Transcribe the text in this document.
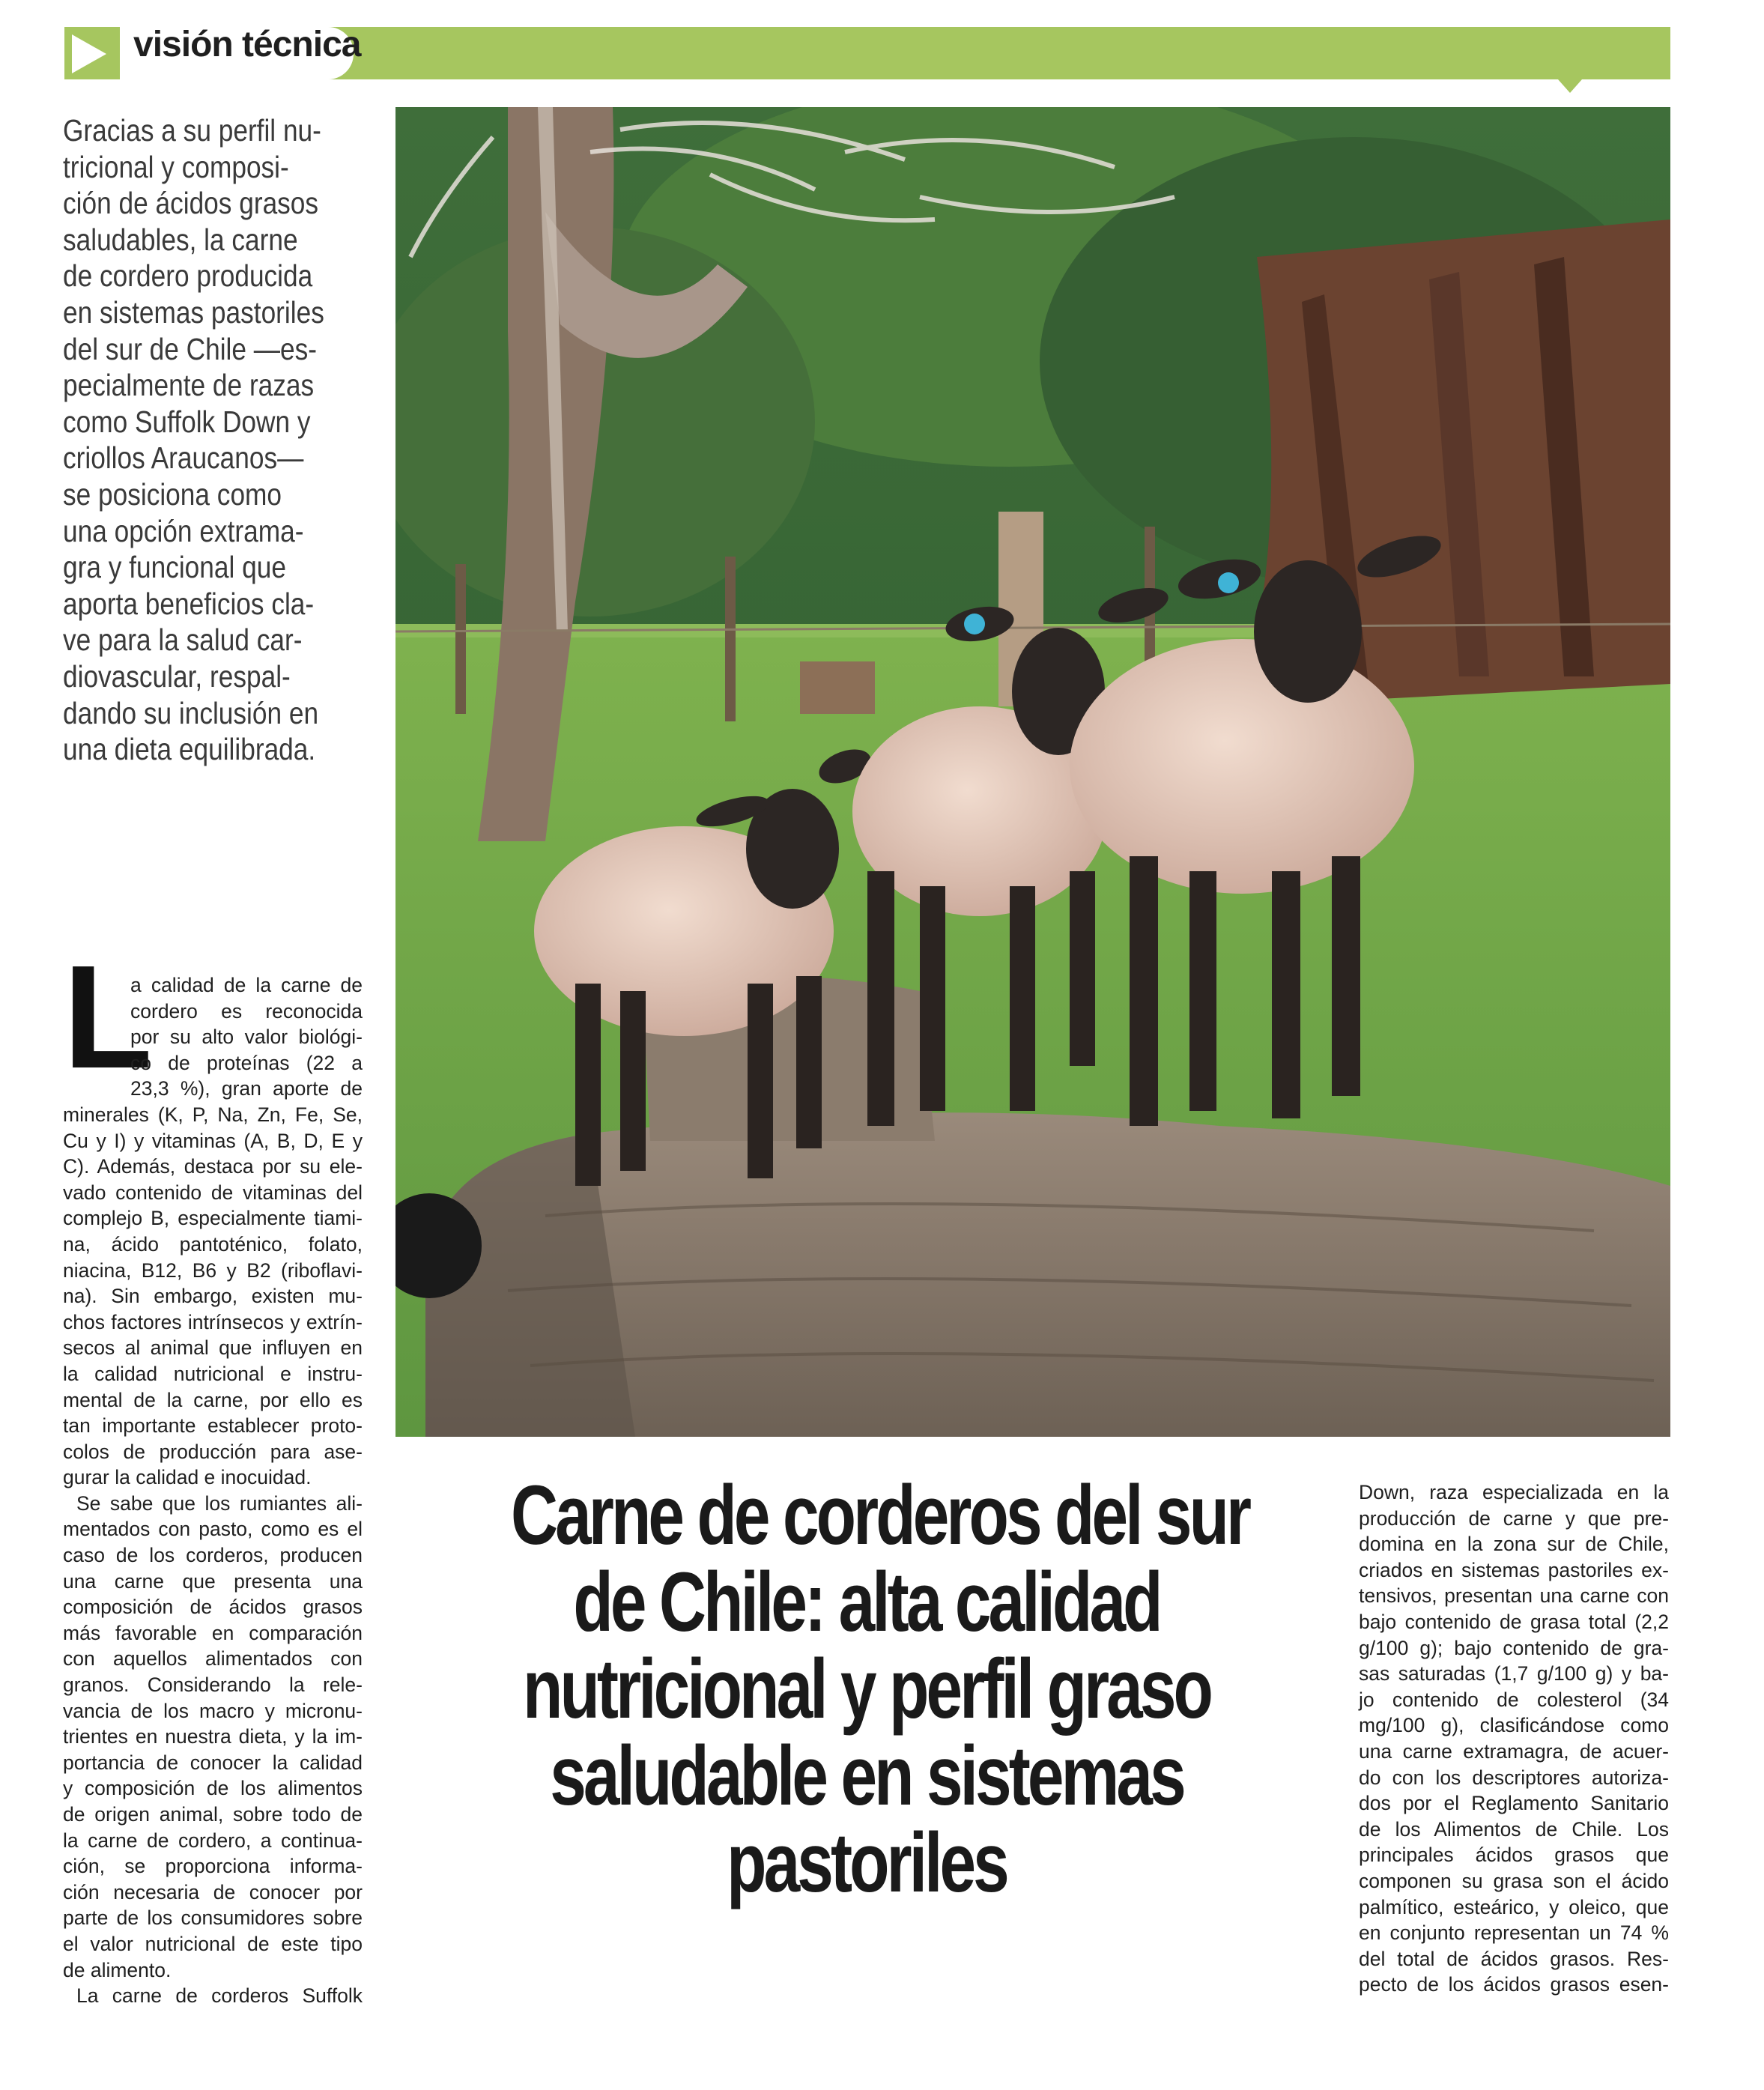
visión técnica

Gracias a su perfil nu-
tricional y composi-
ción de ácidos grasos
saludables, la carne
de cordero producida
en sistemas pastoriles
del sur de Chile —es-
pecialmente de razas
como Suffolk Down y
criollos Araucanos—
se posiciona como
una opción extrama-
gra y funcional que
aporta beneficios cla-
ve para la salud car-
diovascular, respal-
dando su inclusión en
una dieta equilibrada.

L
a calidad de la carne de
cordero es reconocida
por su alto valor biológi-
co de proteínas (22 a
23,3 %), gran aporte de
minerales (K, P, Na, Zn, Fe, Se,
Cu y I) y vitaminas (A, B, D, E y
C). Además, destaca por su ele-
vado contenido de vitaminas del
complejo B, especialmente tiami-
na, ácido pantoténico, folato,
niacina, B12, B6 y B2 (riboflavi-
na). Sin embargo, existen mu-
chos factores intrínsecos y extrín-
secos al animal que influyen en
la calidad nutricional e instru-
mental de la carne, por ello es
tan importante establecer proto-
colos de producción para ase-
gurar la calidad e inocuidad.
Se sabe que los rumiantes ali-
mentados con pasto, como es el
caso de los corderos, producen
una carne que presenta una
composición de ácidos grasos
más favorable en comparación
con aquellos alimentados con
granos. Considerando la rele-
vancia de los macro y micronu-
trientes en nuestra dieta, y la im-
portancia de conocer la calidad
y composición de los alimentos
de origen animal, sobre todo de
la carne de cordero, a continua-
ción, se proporciona informa-
ción necesaria de conocer por
parte de los consumidores sobre
el valor nutricional de este tipo
de alimento.
La carne de corderos Suffolk
Carne de corderos del sur
de Chile: alta calidad
nutricional y perfil graso
saludable en sistemas
pastoriles
Down, raza especializada en la
producción de carne y que pre-
domina en la zona sur de Chile,
criados en sistemas pastoriles ex-
tensivos, presentan una carne con
bajo contenido de grasa total (2,2
g/100 g); bajo contenido de gra-
sas saturadas (1,7 g/100 g) y ba-
jo contenido de colesterol (34
mg/100 g), clasificándose como
una carne extramagra, de acuer-
do con los descriptores autoriza-
dos por el Reglamento Sanitario
de los Alimentos de Chile. Los
principales ácidos grasos que
componen su grasa son el ácido
palmítico, esteárico, y oleico, que
en conjunto representan un 74 %
del total de ácidos grasos. Res-
pecto de los ácidos grasos esen-
